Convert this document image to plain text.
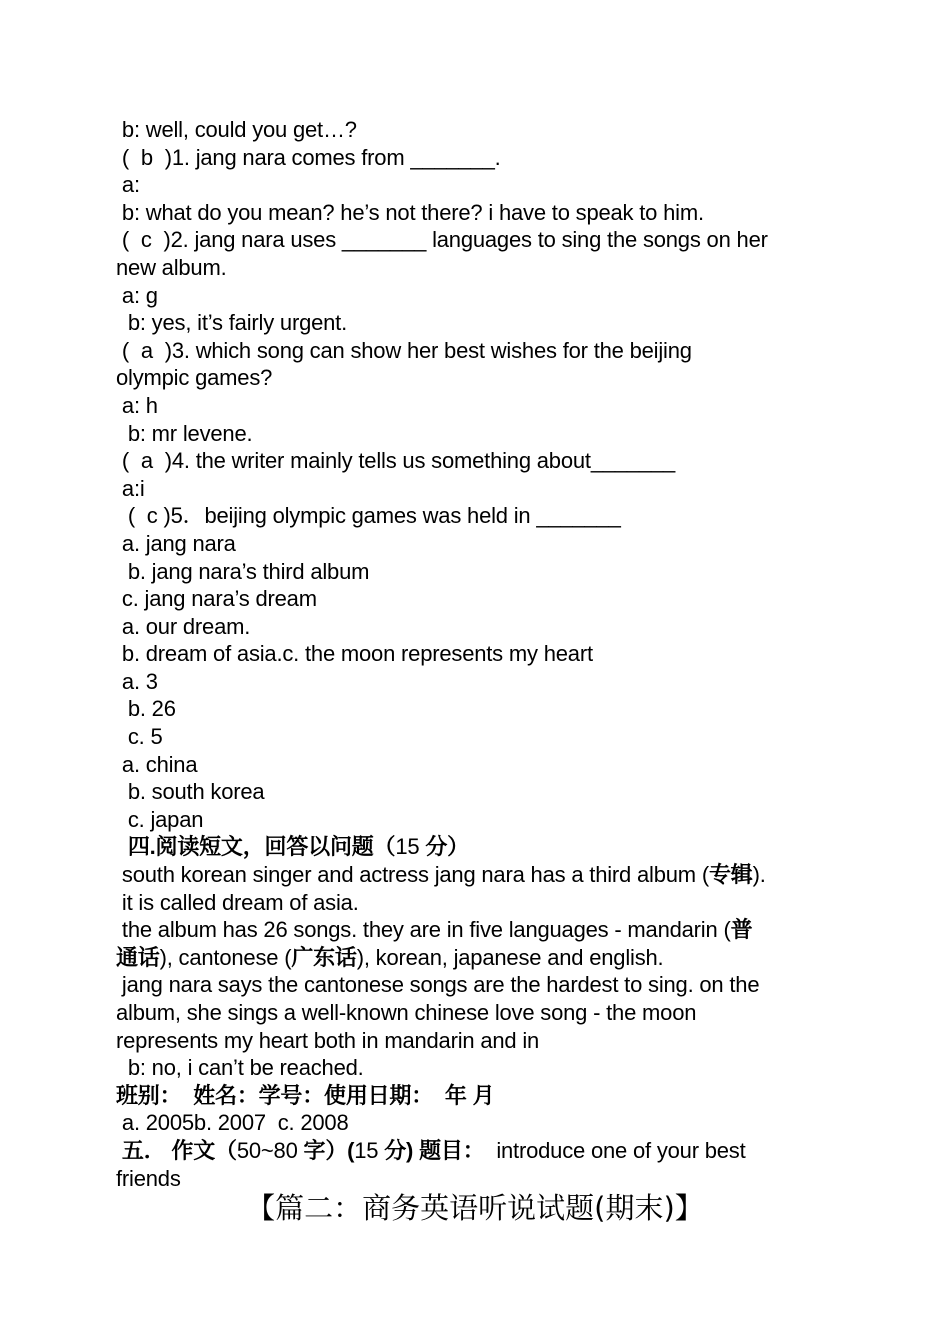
b: well, could you get…?
(  b  )1. jang nara comes from _______.
a:
b: what do you mean? he’s not there? i have to speak to him.
(  c  )2. jang nara uses _______ languages to sing the songs on her
new album.
a: g
b: yes, it’s fairly urgent.
(  a  )3. which song can show her best wishes for the beijing
olympic games?
a: h
b: mr levene.
(  a  )4. the writer mainly tells us something about_______
a:i
(  c )5．beijing olympic games was held in _______
a. jang nara
b. jang nara’s third album
c. jang nara’s dream
a. our dream.
b. dream of asia.c. the moon represents my heart
a. 3
b. 26
c. 5
a. china
b. south korea
c. japan
四.阅读短文，回答以问题（15 分）
south korean singer and actress jang nara has a third album (专辑).
it is called dream of asia.
the album has 26 songs. they are in five languages - mandarin (普
通话), cantonese (广东话), korean, japanese and english.
jang nara says the cantonese songs are the hardest to sing. on the
album, she sings a well-known chinese love song - the moon
represents my heart both in mandarin and in
b: no, i can’t be reached.
班别：  姓名：学号：使用日期：  年 月
a. 2005b. 2007  c. 2008
五． 作文（50~80 字）(15 分) 题目：  introduce one of your best
friends
【篇二：商务英语听说试题(期末)】
